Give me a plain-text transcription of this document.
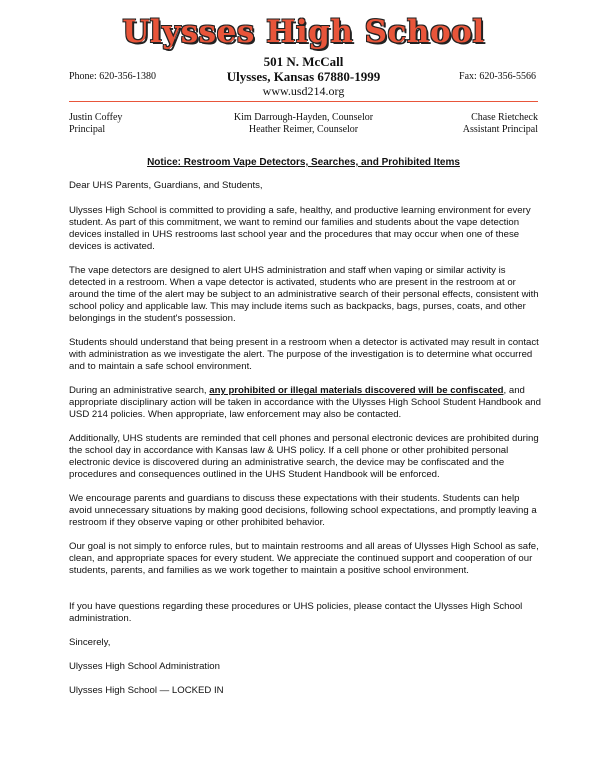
Ulysses High School
501 N. McCall
Ulysses, Kansas 67880-1999
www.usd214.org
Phone: 620-356-1380	Fax: 620-356-5566
Justin Coffey
Principal
Kim Darrough-Hayden, Counselor
Heather Reimer, Counselor
Chase Rietcheck
Assistant Principal
Notice: Restroom Vape Detectors, Searches, and Prohibited Items
Dear UHS Parents, Guardians, and Students,
Ulysses High School is committed to providing a safe, healthy, and productive learning environment for every student. As part of this commitment, we want to remind our families and students about the vape detection devices installed in UHS restrooms last school year and the procedures that may occur when one of these devices is activated.
The vape detectors are designed to alert UHS administration and staff when vaping or similar activity is detected in a restroom. When a vape detector is activated, students who are present in the restroom at or around the time of the alert may be subject to an administrative search of their personal effects, consistent with school policy and applicable law. This may include items such as backpacks, bags, purses, coats, and other belongings in the student's possession.
Students should understand that being present in a restroom when a detector is activated may result in contact with administration as we investigate the alert. The purpose of the investigation is to determine what occurred and to maintain a safe school environment.
During an administrative search, any prohibited or illegal materials discovered will be confiscated, and appropriate disciplinary action will be taken in accordance with the Ulysses High School Student Handbook and USD 214 policies. When appropriate, law enforcement may also be contacted.
Additionally, UHS students are reminded that cell phones and personal electronic devices are prohibited during the school day in accordance with Kansas law & UHS policy. If a cell phone or other prohibited personal electronic device is discovered during an administrative search, the device may be confiscated and the procedures and consequences outlined in the UHS Student Handbook will be enforced.
We encourage parents and guardians to discuss these expectations with their students. Students can help avoid unnecessary situations by making good decisions, following school expectations, and promptly leaving a restroom if they observe vaping or other prohibited behavior.
Our goal is not simply to enforce rules, but to maintain restrooms and all areas of Ulysses High School as safe, clean, and appropriate spaces for every student. We appreciate the continued support and cooperation of our students, parents, and families as we work together to maintain a positive school environment.
If you have questions regarding these procedures or UHS policies, please contact the Ulysses High School administration.
Sincerely,
Ulysses High School Administration
Ulysses High School — LOCKED IN
